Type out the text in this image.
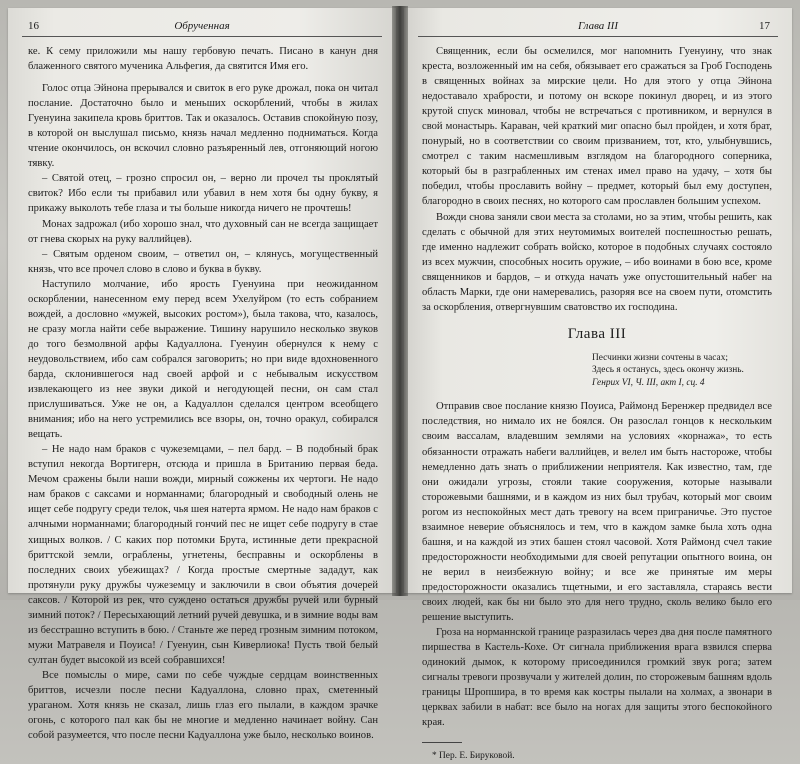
16	Обрученная

ке. К сему приложили мы нашу гербовую печать. Писано в канун дня блаженного святого мученика Альфегия, да святится Имя его.

Голос отца Эйнона прерывался и свиток в его руке дрожал, пока он читал послание. Достаточно было и меньших оскорблений, чтобы в жилах Гуенуина закипела кровь бриттов. Так и оказалось. Оставив спокойную позу, в которой он выслушал письмо, князь начал медленно подниматься. Когда чтение окончилось, он вскочил словно разъяренный лев, отгоняющий ногою тявку.

– Святой отец, – грозно спросил он, – верно ли прочел ты проклятый свиток? Ибо если ты прибавил или убавил в нем хотя бы одну букву, я прикажу выколоть тебе глаза и ты больше никогда ничего не прочтешь!

Монах задрожал (ибо хорошо знал, что духовный сан не всегда защищает от гнева скорых на руку валлийцев).

– Святым орденом своим, – ответил он, – клянусь, могущественный князь, что все прочел слово в слово и буква в букву.

Наступило молчание, ибо ярость Гуенуина при неожиданном оскорблении, нанесенном ему перед всем Ухелуйром (то есть собранием вождей, а дословно «мужей, высоких ростом»), была такова, что, казалось, не сразу могла найти себе выражение. Тишину нарушило несколько звуков до того безмолвной арфы Кадуаллона. Гуенуин обернулся к нему с неудовольствием, ибо сам собрался заговорить; но при виде вдохновенного барда, склонившегося над своей арфой и с небывалым искусством извлекающего из нее звуки дикой и негодующей песни, он сам стал прислушиваться. Уже не он, а Кадуаллон сделался центром всеобщего внимания; ибо на него устремились все взоры, он, точно оракул, собирался вещать.

– Не надо нам браков с чужеземцами, – пел бард. – В подобный брак вступил некогда Вортигерн, отсюда и пришла в Британию первая беда. Мечом сражены были наши вожди, мирный сожжены их чертоги. Не надо нам браков с саксами и норманнами; благородный и свободный олень не ищет себе подругу среди телок, чья шея натерта ярмом. Не надо нам браков с алчными норманнами; благородный гончий пес не ищет себе подругу в стае хищных волков. / С каких пор потомки Брута, истинные дети прекрасной бриттской земли, ограблены, угнетены, бесправны и оскорблены в последних своих убежищах? / Когда простые смертные зададут, как протянули руку дружбы чужеземцу и заключили в свои объятия дочерей саксов. / Которой из рек, что суждено остаться дружбы ручей или бурный зимний поток? / Пересыхающий летний ручей девушка, и в зимние воды вам из бесстрашно вступить в бою. / Станьте же перед грозным зимним потоком, мужи Матравеля и Поуиса! / Гуенуин, сын Киверлиока! Пусть твой белый султан будет высокой из всей собравшихся!

Все помыслы о мире, сами по себе чуждые сердцам воинственных бриттов, исчезли после песни Кадуаллона, словно прах, сметенный ураганом. Хотя князь не сказал, лишь глаз его пылали, в каждом зрачке огонь, с которого пал как бы не многие и медленно начинает войну. Сан собой разумеется, что после песни Кадуаллона уже было, несколько воинов.

Глава III	17

Священник, если бы осмелился, мог напомнить Гуенуину, что знак креста, возложенный им на себя, обязывает его сражаться за Гроб Господень в священных войнах за мирские цели. Но для этого у отца Эйнона недоставало храбрости, и потому он вскоре покинул дворец, и из этого крутой спуск миновал, чтобы не встречаться с противником, и вернулся в свой монастырь. Караван, чей краткий миг опасно был пройден, и хотя брат, понурый, но в соответствии со своим призванием, тот, кто, улыбнувшись, смотрел с таким насмешливым взглядом на благородного соперника, который бы в разграбленных им стенах имел право на удачу, – хотя бы победил, чтобы прославить войну – предмет, который был ему доступен, благородно в своих песнях, но которого сам прославлен большим успехом.

Вожди снова заняли свои места за столами, но за этим, чтобы решить, как сделать с обычной для этих неутомимых воителей поспешностью решать, где именно надлежит собрать войско, которое в подобных случаях состояло из всех мужчин, способных носить оружие, – ибо воинами в бою все, кроме священников и бардов, – и откуда начать уже опустошительный набег на область Марки, где они намеревались, разоряя все на своем пути, отомстить за оскорбления, отвергнувшим сватовство их господина.

Глава III
Песчинки жизни сочтены в часах;
Здесь я останусь, здесь окончу жизнь.
Генрих VI, Ч. III, акт I, сц. 4

Отправив свое послание князю Поуиса, Раймонд Беренжер предвидел все последствия, но нимало их не боялся. Он разослал гонцов к нескольким своим вассалам, владевшим землями на условиях «корнажа», то есть обязанности отражать набеги валлийцев, и велел им быть настороже, чтобы немедленно дать знать о приближении неприятеля. Как известно, там, где они ожидали угрозы, стояли такие сооружения, которые называли сторожевыми башнями, и в каждом из них был трубач, который мог своим рогом из неспокойных мест дать тревогу на всем приграничье. Это пустое взаимное неверие объяснялось и тем, что в каждом замке была хоть одна башня, и на каждой из этих башен стоял часовой. Хотя Раймонд счел такие предосторожности необходимыми для своей репутации опытного воина, он не верил в неизбежную войну; и все же принятые им меры предосторожности оказались тщетными, и его заставляла, стараясь вести своих людей, как бы ни было это для него трудно, сколь велико было его решение выступить.

Гроза на норманнской границе разразилась через два дня после памятного пиршества в Кастель-Кохе. От сигнала приближения врага взвился сперва одинокий дымок, к которому присоединился громкий звук рога; затем сигналы тревоги прозвучали у жителей долин, по сторожевым башням вдоль границы Шропшира, в то время как костры пылали на холмах, а звонари в церквах забили в набат: все было на ногах для защиты этого беспокойного края.

* Пер. Е. Бируковой.
